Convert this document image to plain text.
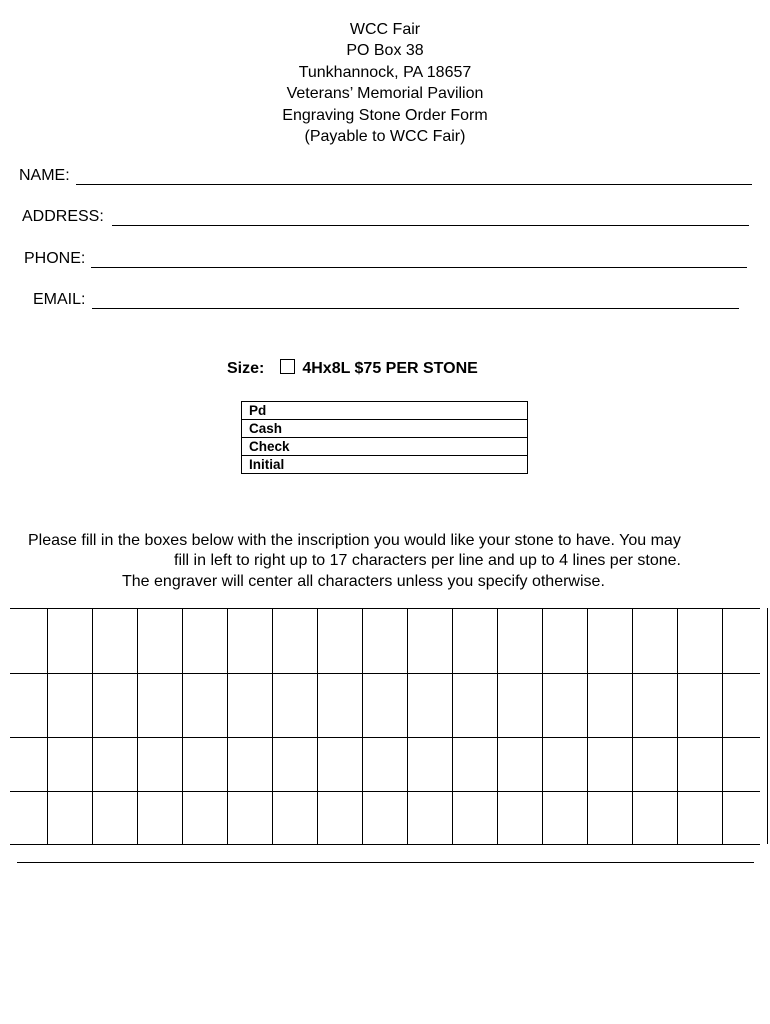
WCC Fair
PO Box 38
Tunkhannock, PA 18657
Veterans’ Memorial Pavilion
Engraving Stone Order Form
(Payable to WCC Fair)
NAME:
ADDRESS:
PHONE:
EMAIL:
Size: 4Hx8L $75 PER STONE
Pd
Cash
Check
Initial
Please fill in the boxes below with the inscription you would like your stone to have. You may
fill in left to right up to 17 characters per line and up to 4 lines per stone.
The engraver will center all characters unless you specify otherwise.
